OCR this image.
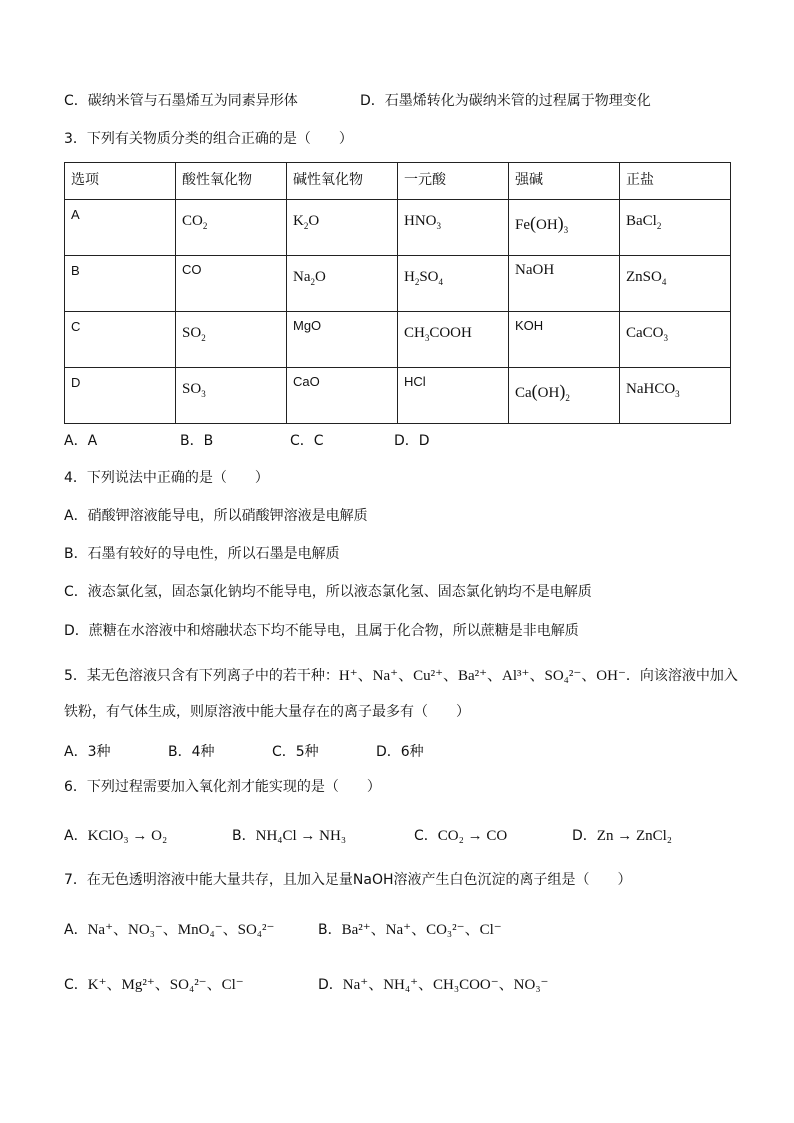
C．碳纳米管与石墨烯互为同素异形体	D．石墨烯转化为碳纳米管的过程属于物理变化
3．下列有关物质分类的组合正确的是（　　）
选项	酸性氧化物	碱性氧化物	一元酸	强碱	正盐

A	$CO_2$	$K_2O$	$HNO_3$	$Fe(OH)_3$	BaCl$_2$

B	CO	$Na_2O$	$H_2SO_4$	NaOH	ZnSO$_4$

C	$SO_2$	MgO	$CH_3COOH$	KOH	CaCO$_3$

D	$SO_3$	CaO	HCl	$Ca(OH)_2$	NaHCO$_3$
A．A	B．B	C．C	D．D
4．下列说法中正确的是（　　）
A．硝酸钾溶液能导电，所以硝酸钾溶液是电解质
B．石墨有较好的导电性，所以石墨是电解质
C．液态氯化氢，固态氯化钠均不能导电，所以液态氯化氢、固态氯化钠均不是电解质
D．蔗糖在水溶液中和熔融状态下均不能导电，且属于化合物，所以蔗糖是非电解质
5．某无色溶液只含有下列离子中的若干种：H⁺、Na⁺、Cu²⁺、Ba²⁺、Al³⁺、SO₄²⁻、OH⁻．向该溶液中加入
铁粉，有气体生成，则原溶液中能大量存在的离子最多有（　　）
A．3种	B．4种	C．5种	D．6种
6．下列过程需要加入氧化剂才能实现的是（　　）
A．KClO₃ → O₂	B．NH₄Cl → NH₃	C．CO₂ → CO	D．Zn → ZnCl₂
7．在无色透明溶液中能大量共存，且加入足量NaOH溶液产生白色沉淀的离子组是（　　）
A．Na⁺、NO₃⁻、MnO₄⁻、SO₄²⁻	B．Ba²⁺、Na⁺、CO₃²⁻、Cl⁻
C．K⁺、Mg²⁺、SO₄²⁻、Cl⁻	D．Na⁺、NH₄⁺、CH₃COO⁻、NO₃⁻
